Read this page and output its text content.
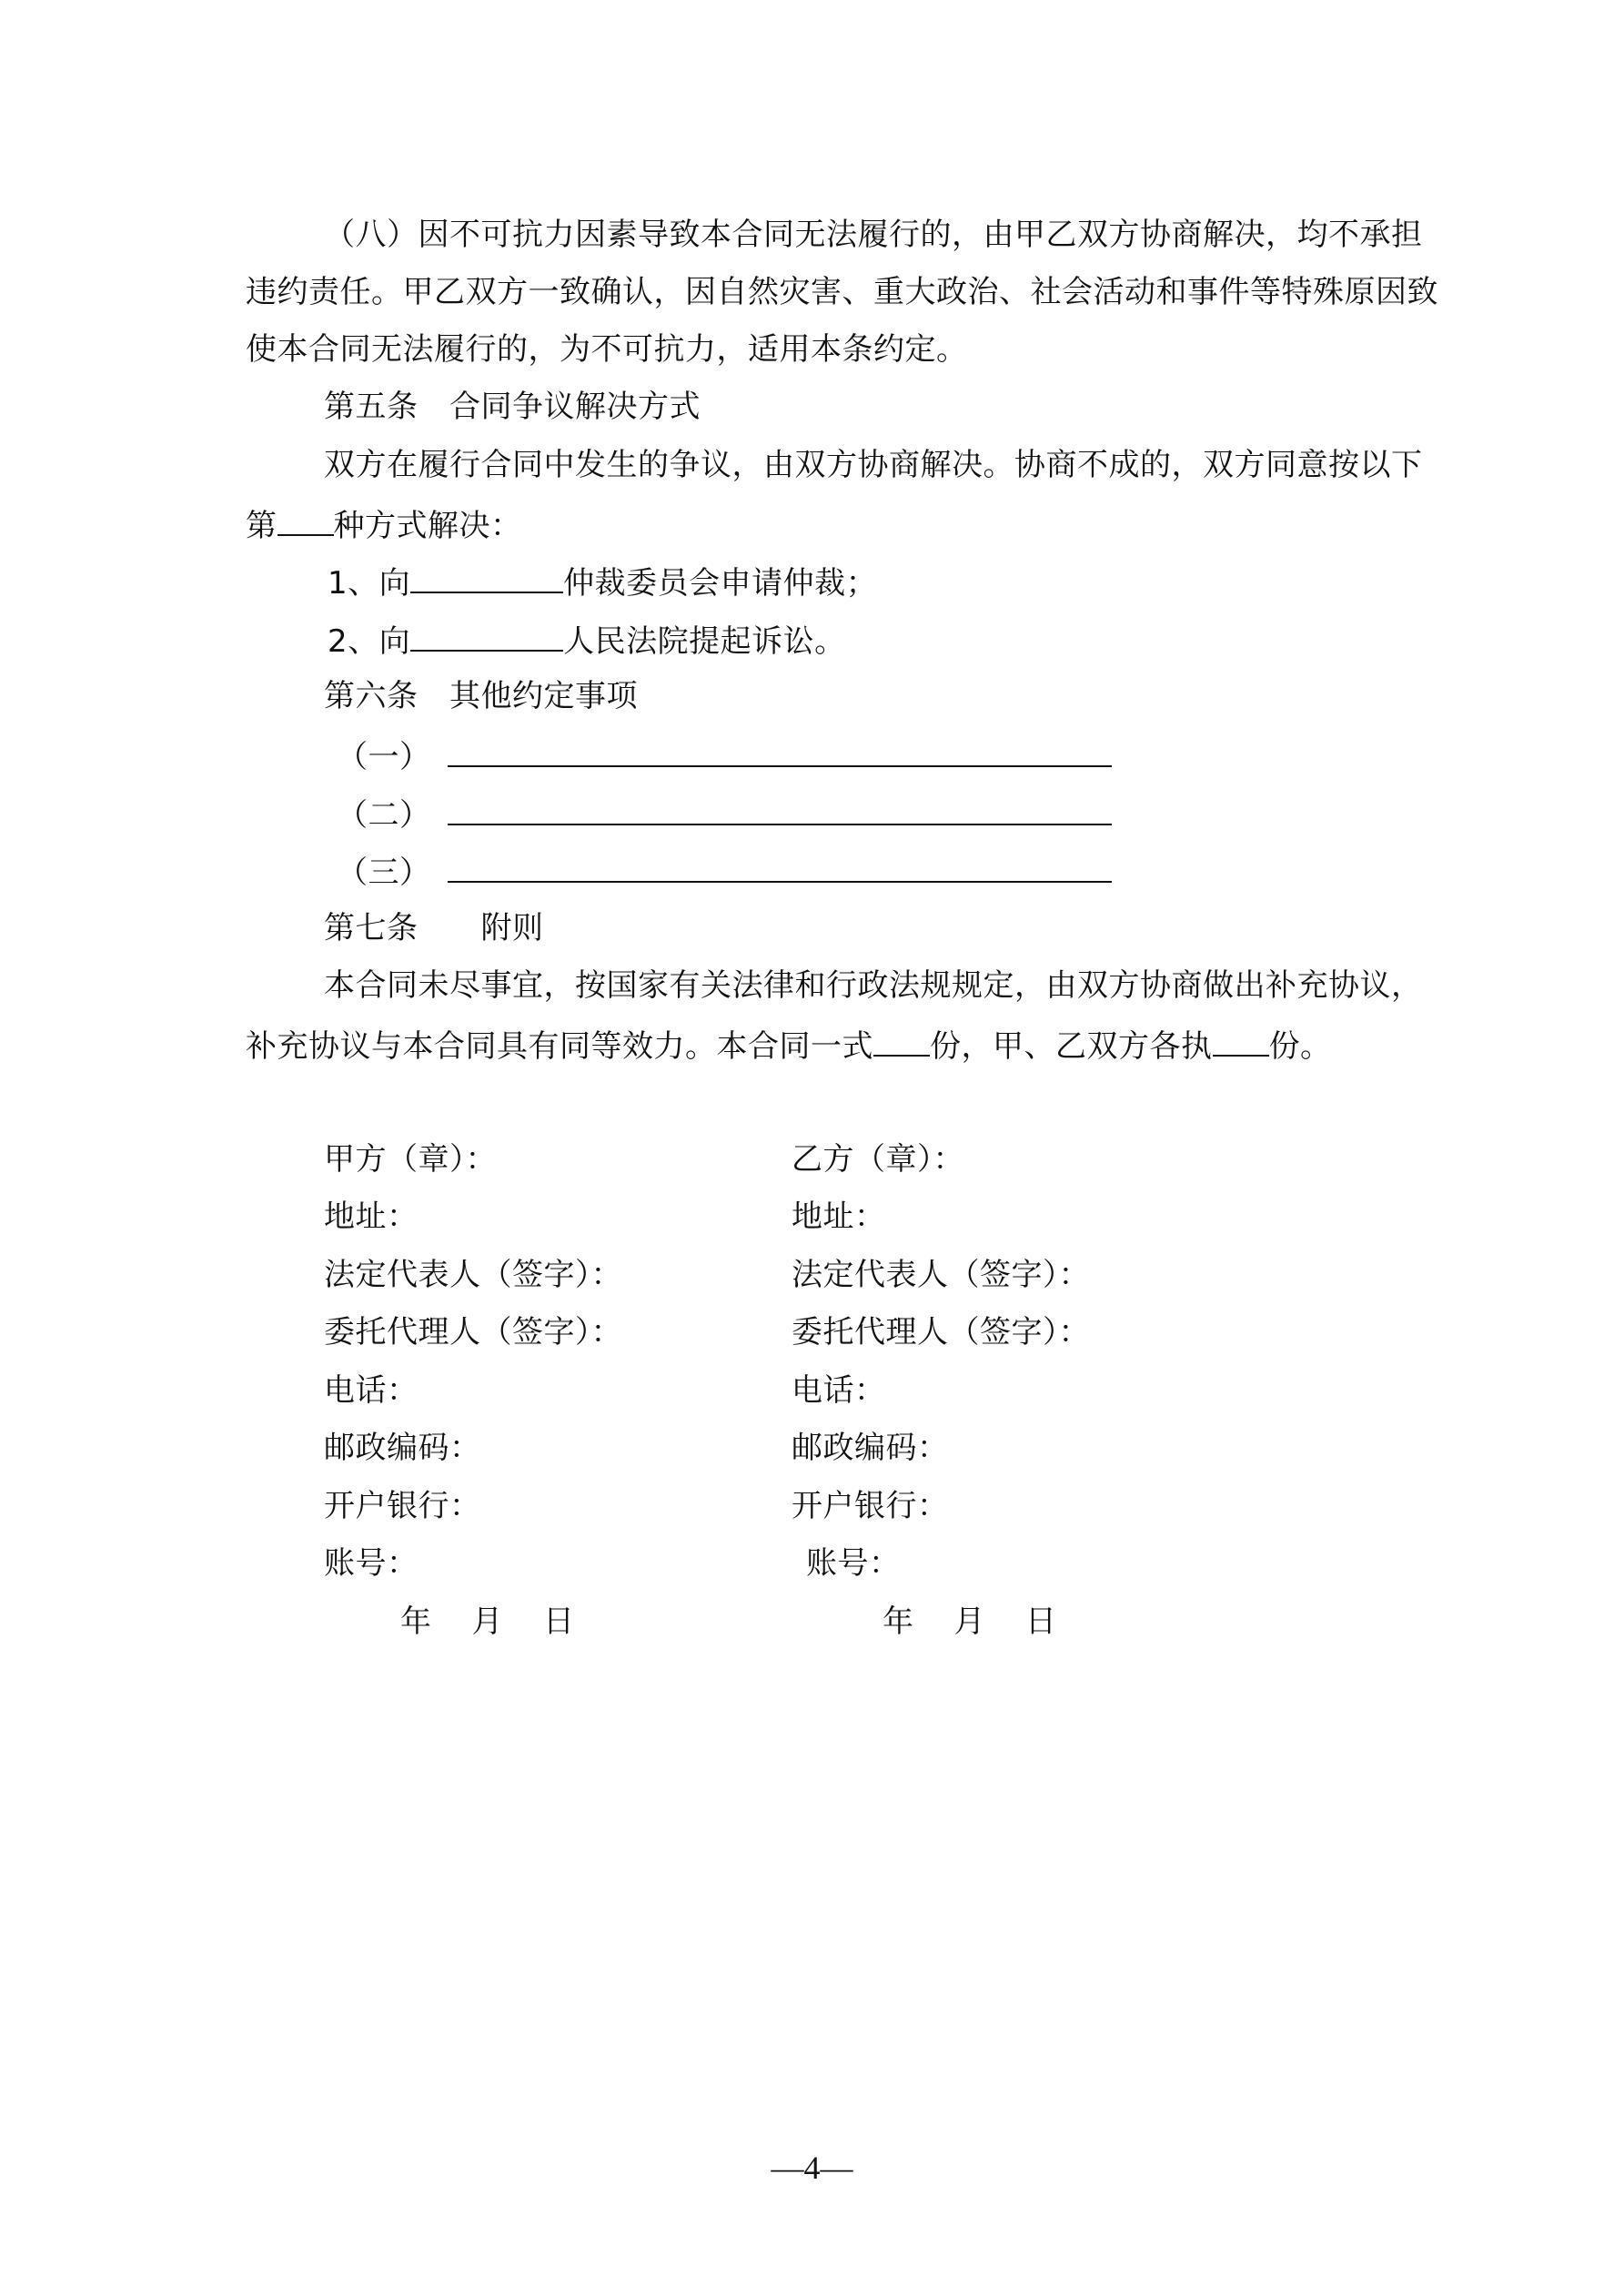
（八）因不可抗力因素导致本合同无法履行的，由甲乙双方协商解决，均不承担
违约责任。甲乙双方一致确认，因自然灾害、重大政治、社会活动和事件等特殊原因致
使本合同无法履行的，为不可抗力，适用本条约定。
第五条　合同争议解决方式
双方在履行合同中发生的争议，由双方协商解决。协商不成的，双方同意按以下
第 种方式解决：
1、向	仲裁委员会申请仲裁；
2、向	人民法院提起诉讼。
第六条　其他约定事项
（一）
（二）
（三）
第七条　　附则
本合同未尽事宜，按国家有关法律和行政法规规定，由双方协商做出补充协议，
补充协议与本合同具有同等效力。本合同一式 份，甲、乙双方各执 份。
甲方（章）：
地址：
法定代表人（签字）：
委托代理人（签字）：
电话：
邮政编码：
开户银行：
账号：
年 月 日
乙方（章）：
地址：
法定代表人（签字）：
委托代理人（签字）：
电话：
邮政编码：
开户银行：
账号：
年 月 日
—4—
